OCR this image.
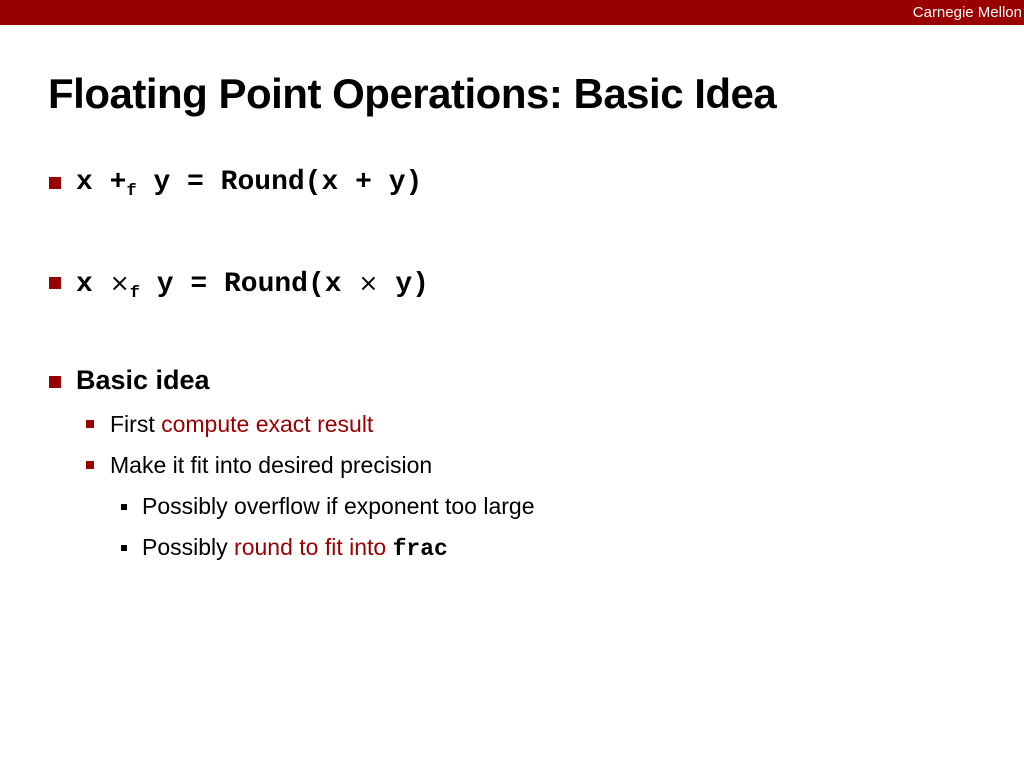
Carnegie Mellon
Floating Point Operations: Basic Idea
$x +_f$ y = Round(x + y)
$x \times_f$ y = Round(x × y)
Basic idea
First compute exact result
Make it fit into desired precision
Possibly overflow if exponent too large
Possibly round to fit into frac
